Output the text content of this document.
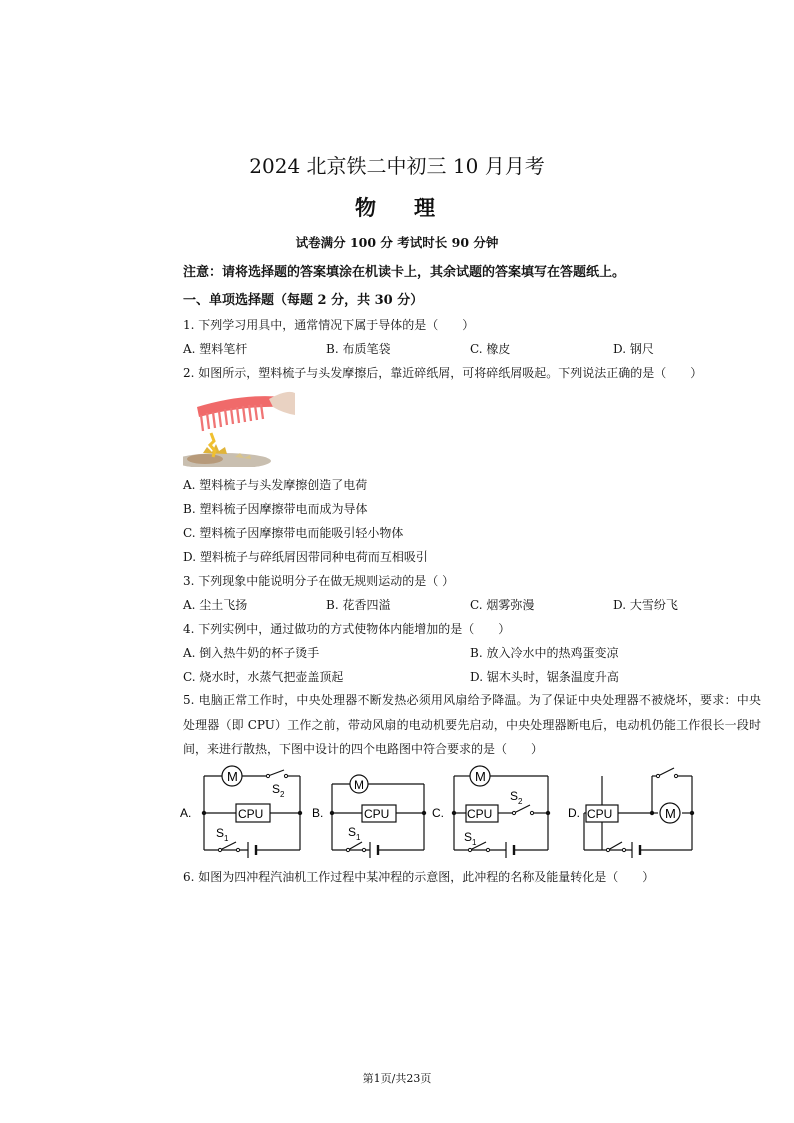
2024 北京铁二中初三 10 月月考
物 理
试卷满分 100 分 考试时长 90 分钟
注意：请将选择题的答案填涂在机读卡上，其余试题的答案填写在答题纸上。
一、单项选择题（每题 2 分，共 30 分）
1. 下列学习用具中，通常情况下属于导体的是（　　）
A. 塑料笔杆	B. 布质笔袋	C. 橡皮	D. 钢尺
2. 如图所示，塑料梳子与头发摩擦后，靠近碎纸屑，可将碎纸屑吸起。下列说法正确的是（　　）
A. 塑料梳子与头发摩擦创造了电荷
B. 塑料梳子因摩擦带电而成为导体
C. 塑料梳子因摩擦带电而能吸引轻小物体
D. 塑料梳子与碎纸屑因带同种电荷而互相吸引
3. 下列现象中能说明分子在做无规则运动的是（ ）
A. 尘土飞扬	B. 花香四溢	C. 烟雾弥漫	D. 大雪纷飞
4. 下列实例中，通过做功的方式使物体内能增加的是（　　）
A. 倒入热牛奶的杯子烫手	B. 放入冷水中的热鸡蛋变凉
C. 烧水时，水蒸气把壶盖顶起	D. 锯木头时，锯条温度升高
5. 电脑正常工作时，中央处理器不断发热必须用风扇给予降温。为了保证中央处理器不被烧坏，要求：中央处理器（即 CPU）工作之前，带动风扇的电动机要先启动，中央处理器断电后，电动机仍能工作很长一段时间，来进行散热，下图中设计的四个电路图中符合要求的是（　　）
A.
M
CPU
S 2
S 1
B.
M
CPU
S 1
C.
M
CPU
S 2
S 1
D.	M
CPU
6. 如图为四冲程汽油机工作过程中某冲程的示意图，此冲程的名称及能量转化是（　　）
第1页/共23页
